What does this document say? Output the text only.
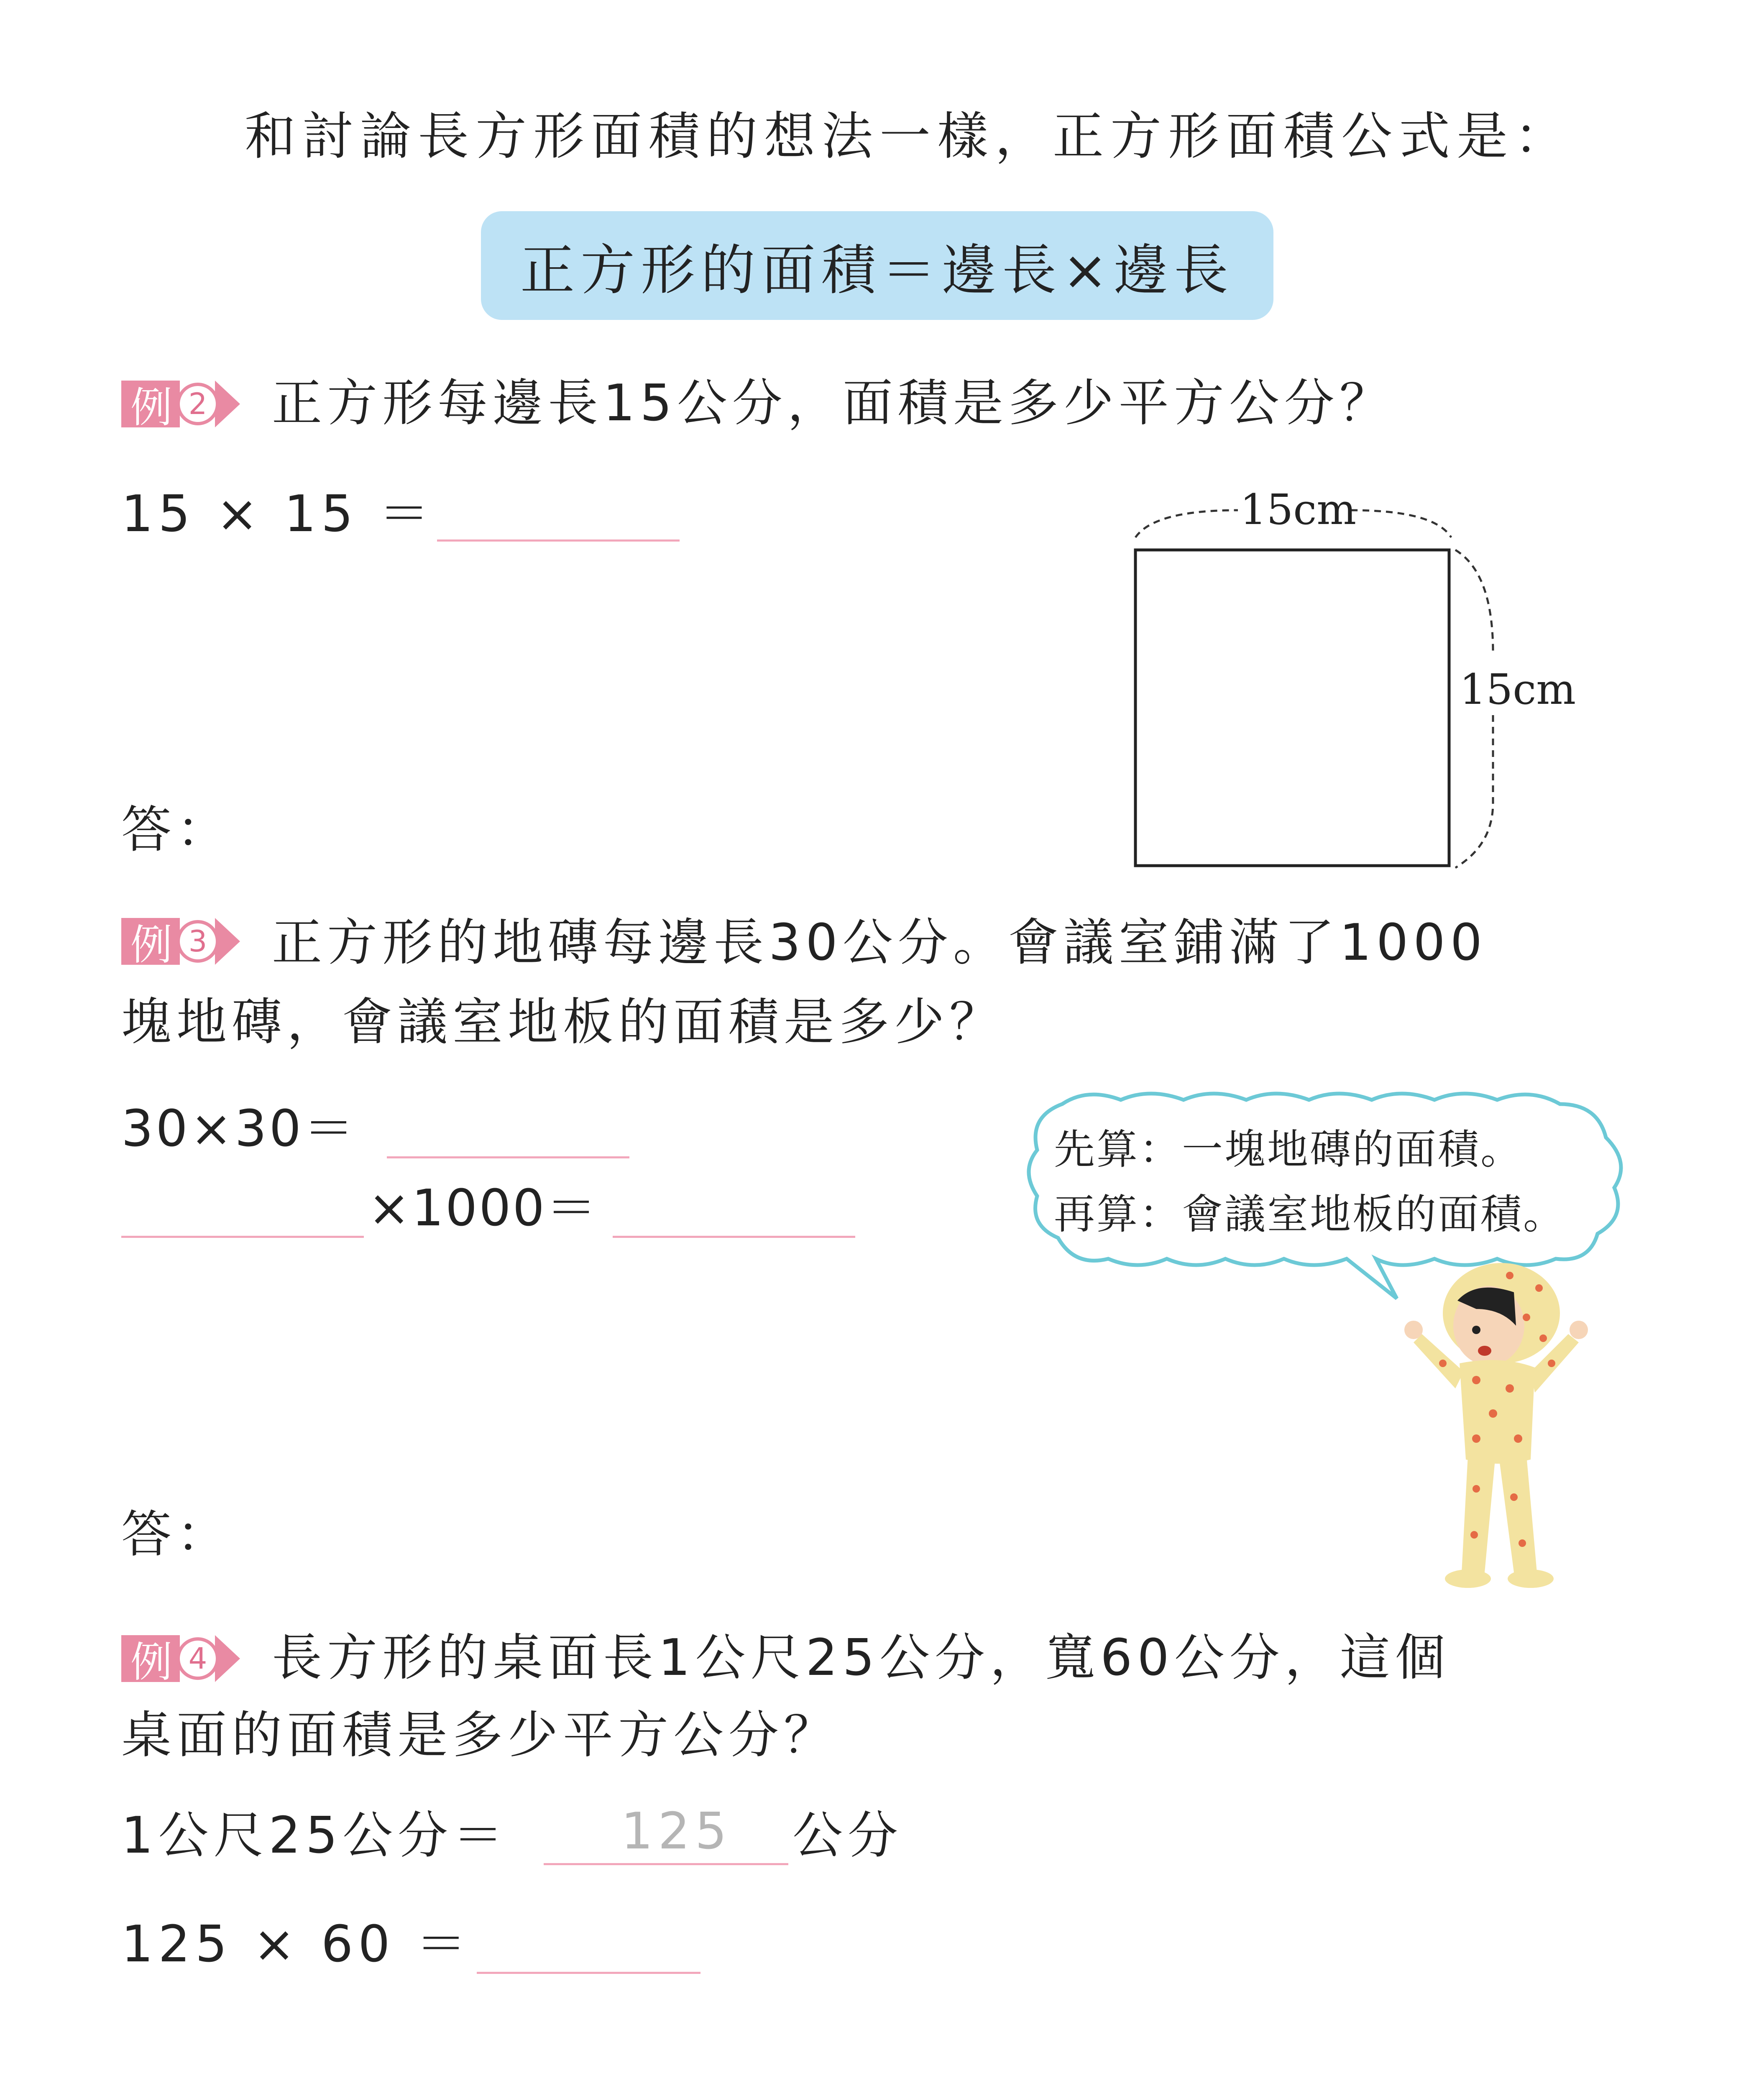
和討論長方形面積的想法一樣，正方形面積公式是：
正方形的面積＝邊長×邊長
例 2 正方形每邊長15公分，面積是多少平方公分？
15 × 15 ＝
答：
15cm
15cm
例 3 正方形的地磚每邊長30公分。會議室鋪滿了1000
塊地磚，會議室地板的面積是多少？
30×30＝
×1000＝
答：
先算：一塊地磚的面積。
再算：會議室地板的面積。
例 4 長方形的桌面長1公尺25公分，寬60公分，這個
桌面的面積是多少平方公分？
1公尺25公分＝ 125 公分
125 × 60 ＝
